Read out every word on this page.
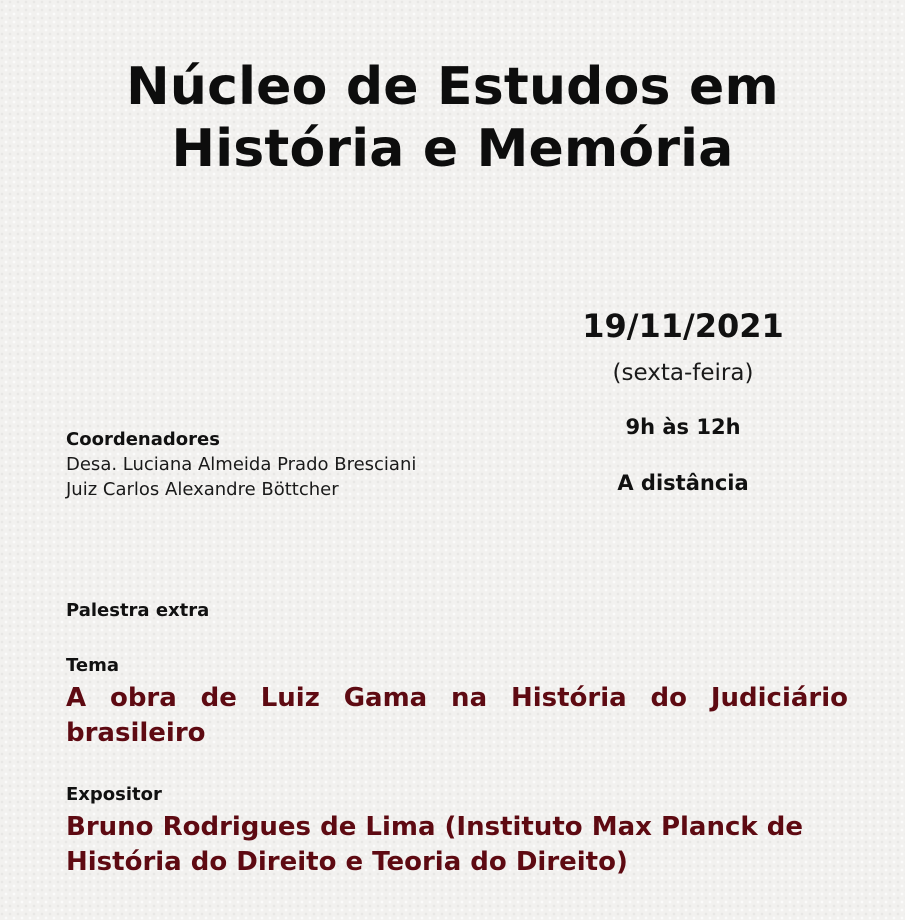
Núcleo de Estudos em
História e Memória
19/11/2021
(sexta-feira)
9h às 12h
A distância
Coordenadores
Desa. Luciana Almeida Prado Bresciani
Juiz Carlos Alexandre Böttcher
Palestra extra
Tema
A obra de Luiz Gama na História do Judiciário brasileiro
Expositor
Bruno Rodrigues de Lima (Instituto Max Planck de
História do Direito e Teoria do Direito)
